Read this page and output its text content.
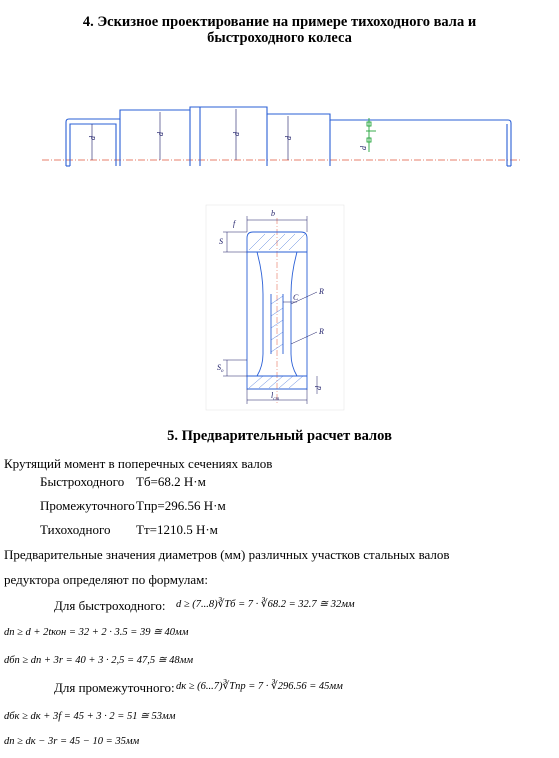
4. Эскизное проектирование на примере тихоходного вала и
быстроходного колеса
d
d	d
d
d
f
b
S
$S_o$
C
R
R
$l_{cm}$
d
5. Предварительный расчет валов
Крутящий момент в поперечных сечениях валов
Быстроходного Tб=68.2 Н·м
Промежуточного Tпр=296.56 Н·м
Тихоходного Tт=1210.5 Н·м
Предварительные значения диаметров (мм) различных участков стальных валов
редуктора определяют по формулам:
Для быстроходного: d ≥ (7...8)∛Tб = 7 · ∛68.2 = 32.7 ≅ 32мм
dп ≥ d + 2tкон = 32 + 2 · 3.5 = 39 ≅ 40мм
dбп ≥ dп + 3r = 40 + 3 · 2,5 = 47,5 ≅ 48мм
Для промежуточного: dк ≥ (6...7)∛Tпр = 7 · ∛296.56 = 45мм
dбк ≥ dк + 3f = 45 + 3 · 2 = 51 ≅ 53мм
dп ≥ dк − 3r = 45 − 10 = 35мм
